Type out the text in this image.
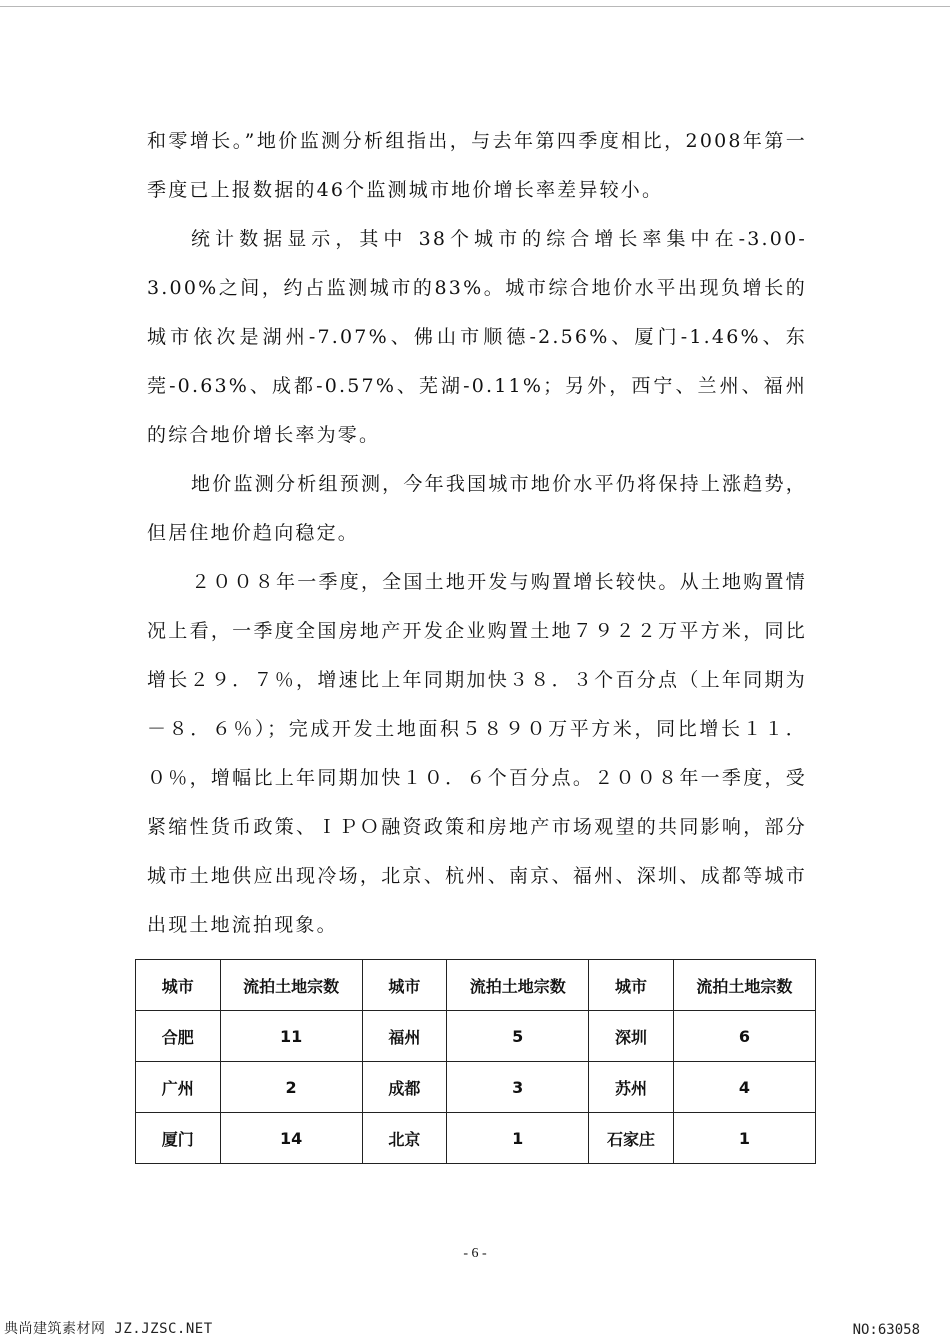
和零增长。”地价监测分析组指出，与去年第四季度相比，2008年第一季度已上报数据的46个监测城市地价增长率差异较小。

统计数据显示，其中 38个城市的综合增长率集中在-3.00-3.00%之间，约占监测城市的83%。城市综合地价水平出现负增长的城市依次是湖州-7.07%、佛山市顺德-2.56%、厦门-1.46%、东莞-0.63%、成都-0.57%、芜湖-0.11%；另外，西宁、兰州、福州的综合地价增长率为零。

地价监测分析组预测，今年我国城市地价水平仍将保持上涨趋势，但居住地价趋向稳定。

２００８年一季度，全国土地开发与购置增长较快。从土地购置情况上看，一季度全国房地产开发企业购置土地７９２２万平方米，同比增长２９．７％，增速比上年同期加快３８．３个百分点（上年同期为－８．６％）；完成开发土地面积５８９０万平方米，同比增长１１．０％，增幅比上年同期加快１０．６个百分点。２００８年一季度，受紧缩性货币政策、ＩＰＯ融资政策和房地产市场观望的共同影响，部分城市土地供应出现冷场，北京、杭州、南京、福州、深圳、成都等城市出现土地流拍现象。

城市	流拍土地宗数	城市	流拍土地宗数	城市	流拍土地宗数
合肥	11	福州	5	深圳	6
广州	2	成都	3	苏州	4
厦门	14	北京	1	石家庄	1
- 6 -
典尚建筑素材网 JZ.JZSC.NET	NO:63058
